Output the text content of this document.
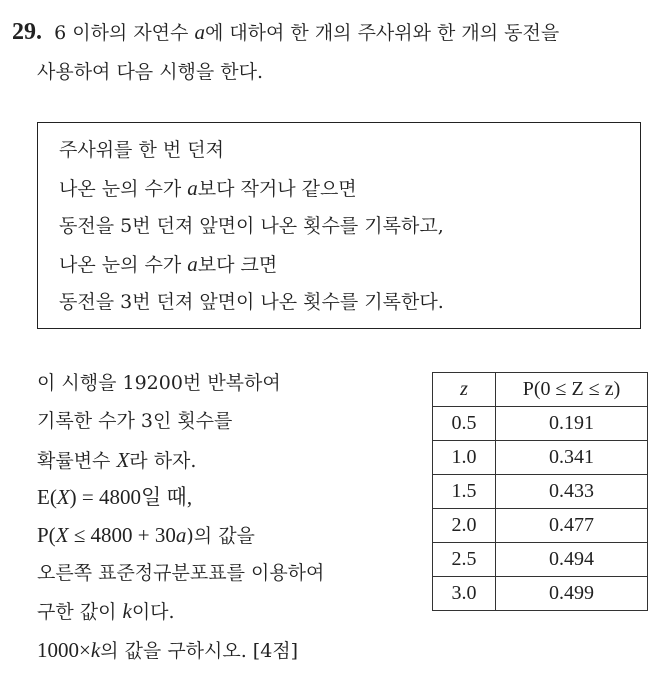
29. 6 이하의 자연수 a에 대하여 한 개의 주사위와 한 개의 동전을
사용하여 다음 시행을 한다.
주사위를 한 번 던져
나온 눈의 수가 a보다 작거나 같으면
동전을 5번 던져 앞면이 나온 횟수를 기록하고,
나온 눈의 수가 a보다 크면
동전을 3번 던져 앞면이 나온 횟수를 기록한다.
이 시행을 19200번 반복하여
기록한 수가 3인 횟수를
확률변수 X라 하자.
E(X) = 4800일 때,
P(X ≤ 4800 + 30a)의 값을
오른쪽 표준정규분포표를 이용하여
구한 값이 k이다.
1000×k의 값을 구하시오. [4점]
z	P(0 ≤ Z ≤ z)
0.5	0.191
1.0	0.341
1.5	0.433
2.0	0.477
2.5	0.494
3.0	0.499
